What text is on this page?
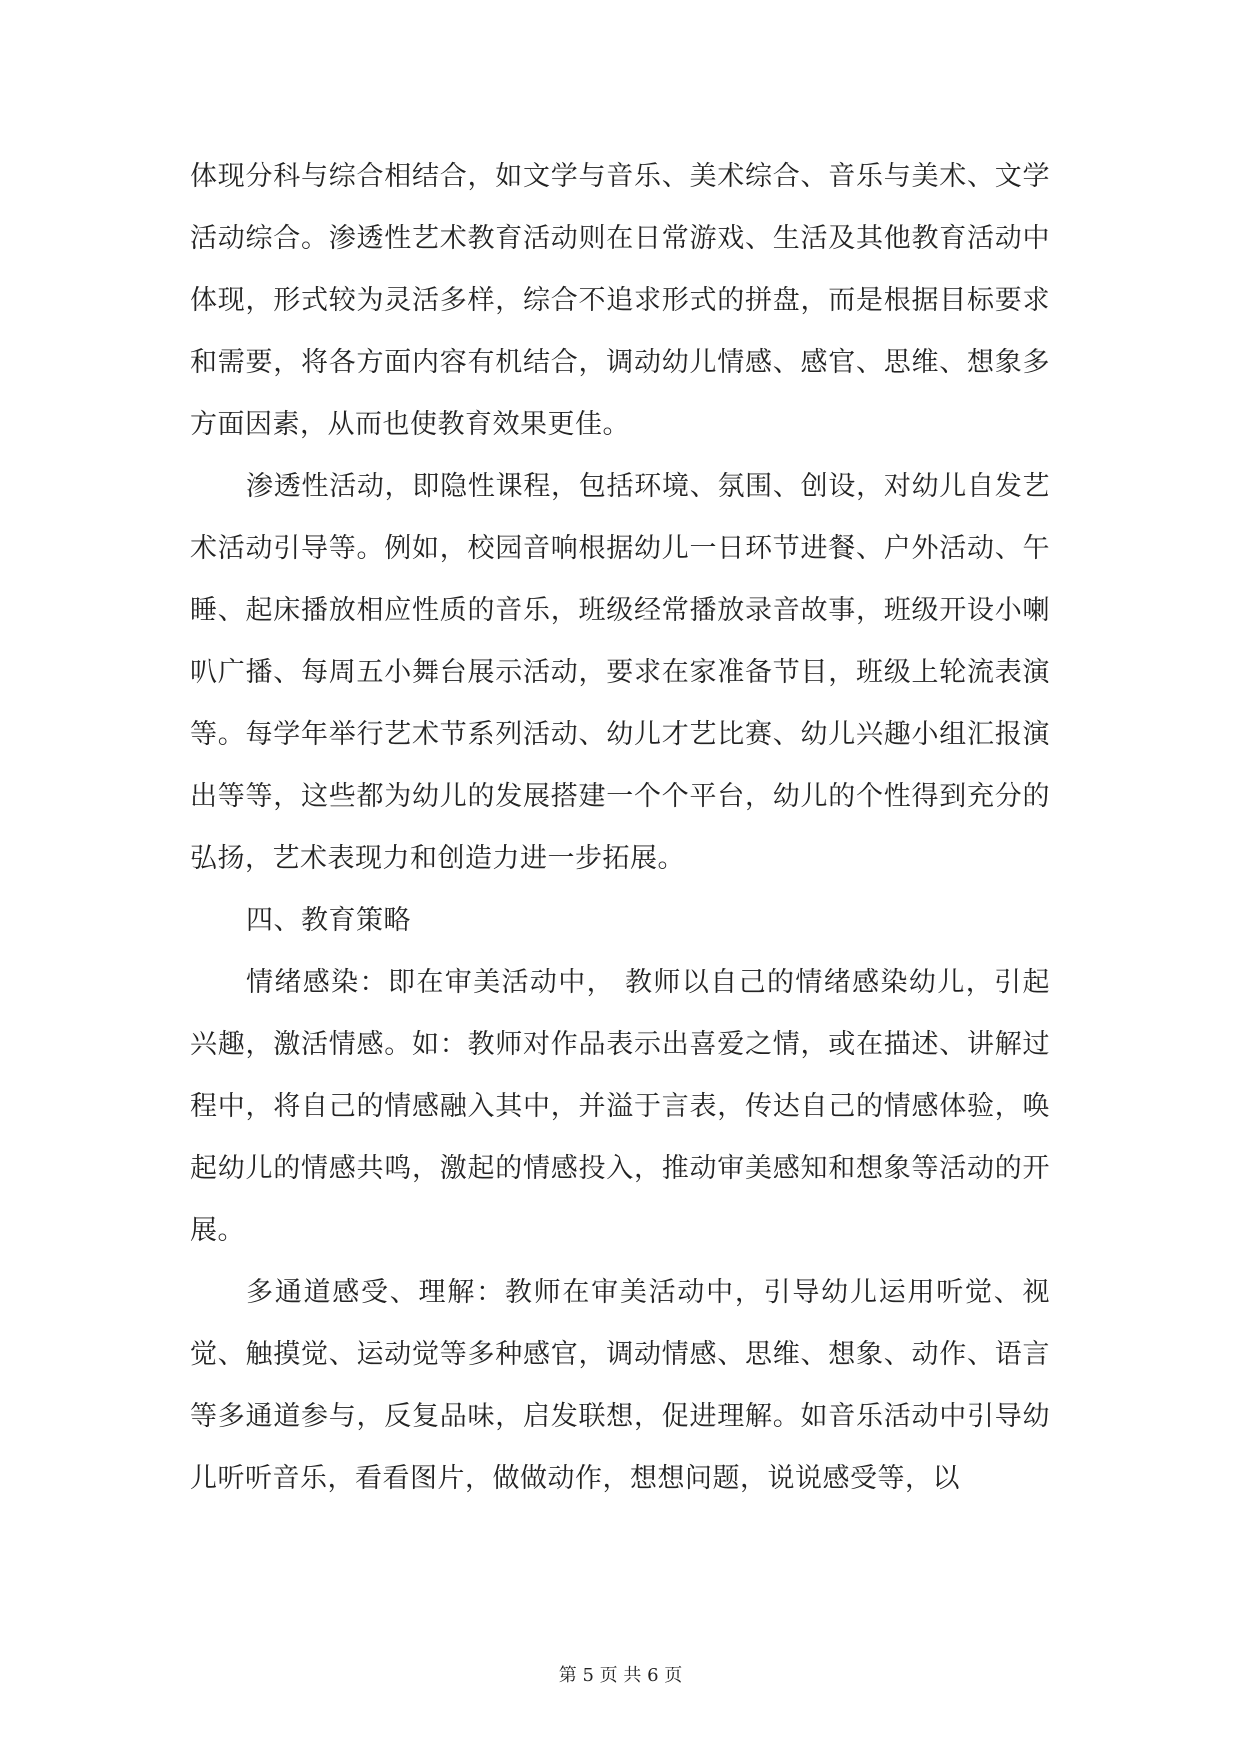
体现分科与综合相结合，如文学与音乐、美术综合、音乐与美术、文学活动综合。渗透性艺术教育活动则在日常游戏、生活及其他教育活动中体现，形式较为灵活多样，综合不追求形式的拼盘，而是根据目标要求和需要，将各方面内容有机结合，调动幼儿情感、感官、思维、想象多方面因素，从而也使教育效果更佳。

渗透性活动，即隐性课程，包括环境、氛围、创设，对幼儿自发艺术活动引导等。例如，校园音响根据幼儿一日环节进餐、户外活动、午睡、起床播放相应性质的音乐，班级经常播放录音故事，班级开设小喇叭广播、每周五小舞台展示活动，要求在家准备节目，班级上轮流表演等。每学年举行艺术节系列活动、幼儿才艺比赛、幼儿兴趣小组汇报演出等等，这些都为幼儿的发展搭建一个个平台，幼儿的个性得到充分的弘扬，艺术表现力和创造力进一步拓展。

四、教育策略

情绪感染：即在审美活动中， 教师以自己的情绪感染幼儿，引起兴趣，激活情感。如：教师对作品表示出喜爱之情，或在描述、讲解过程中，将自己的情感融入其中，并溢于言表，传达自己的情感体验，唤起幼儿的情感共鸣，激起的情感投入，推动审美感知和想象等活动的开展。

多通道感受、理解：教师在审美活动中，引导幼儿运用听觉、视觉、触摸觉、运动觉等多种感官，调动情感、思维、想象、动作、语言等多通道参与，反复品味，启发联想，促进理解。如音乐活动中引导幼儿听听音乐，看看图片，做做动作，想想问题，说说感受等，以

第 5 页 共 6 页
